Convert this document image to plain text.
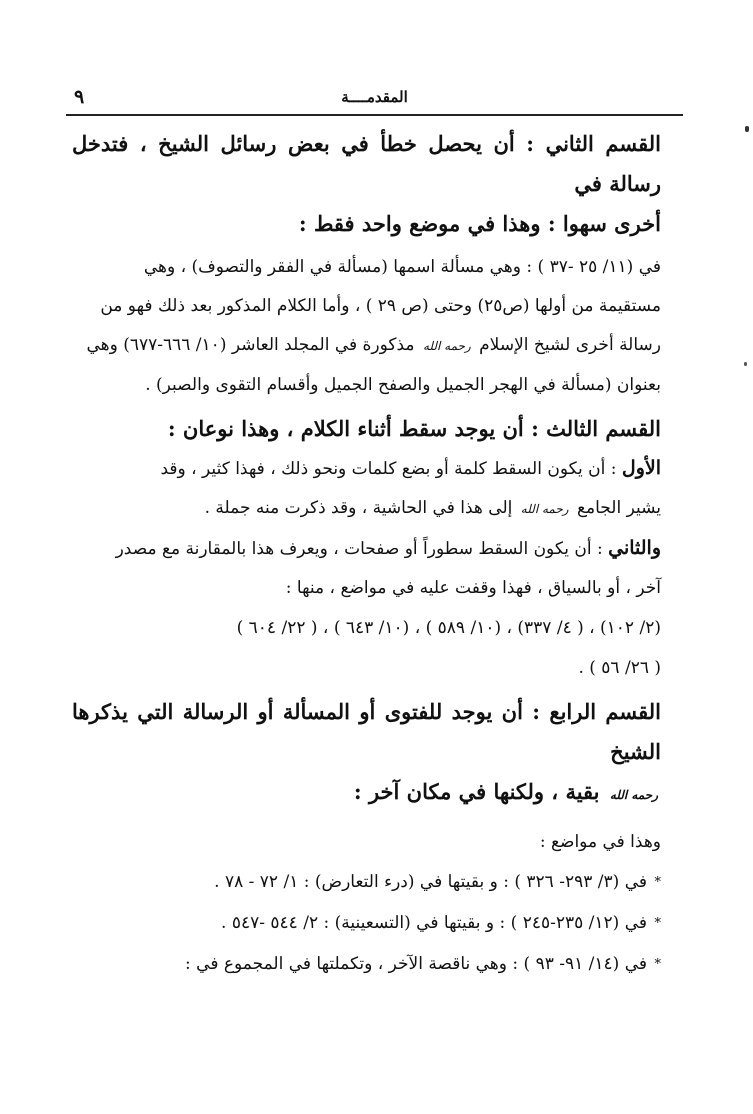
المقدمــــة
٩

القسم الثاني : أن يحصل خطأ في بعض رسائل الشيخ ، فتدخل رسالة في

أخرى سهوا : وهذا في موضع واحد فقط :

في (١١/ ٢٥ -٣٧ ) : وهي مسألة اسمها (مسألة في الفقر والتصوف) ، وهي

مستقيمة من أولها (ص٢٥) وحتى (ص ٢٩ ) ، وأما الكلام المذكور بعد ذلك فهو من

رسالة أخرى لشيخ الإسلام رحمه الله مذكورة في المجلد العاشر (١٠/ ٦٦٦-٦٧٧) وهي

بعنوان (مسألة في الهجر الجميل والصفح الجميل وأقسام التقوى والصبر) .

القسم الثالث : أن يوجد سقط أثناء الكلام ، وهذا نوعان :

الأول : أن يكون السقط كلمة أو بضع كلمات ونحو ذلك ، فهذا كثير ، وقد

يشير الجامع رحمه الله إلى هذا في الحاشية ، وقد ذكرت منه جملة .

والثاني : أن يكون السقط سطوراً أو صفحات ، ويعرف هذا بالمقارنة مع مصدر

آخر ، أو بالسياق ، فهذا وقفت عليه في مواضع ، منها :

(٢/ ١٠٢) ، ( ٤/ ٣٣٧) ، (١٠/ ٥٨٩ ) ، (١٠/ ٦٤٣ ) ، ( ٢٢/ ٦٠٤ )

( ٢٦/ ٥٦ ) .

القسم الرابع : أن يوجد للفتوى أو المسألة أو الرسالة التي يذكرها الشيخ

رحمه الله بقية ، ولكنها في مكان آخر :

وهذا في مواضع :

*
في (٣/ ٢٩٣- ٣٢٦ ) : و بقيتها في (درء التعارض) : ١/ ٧٢ - ٧٨ .
*
في (١٢/ ٢٣٥-٢٤٥ ) : و بقيتها في (التسعينية) : ٢/ ٥٤٤ -٥٤٧ .
*
في (١٤/ ٩١- ٩٣ ) : وهي ناقصة الآخر ، وتكملتها في المجموع في :
